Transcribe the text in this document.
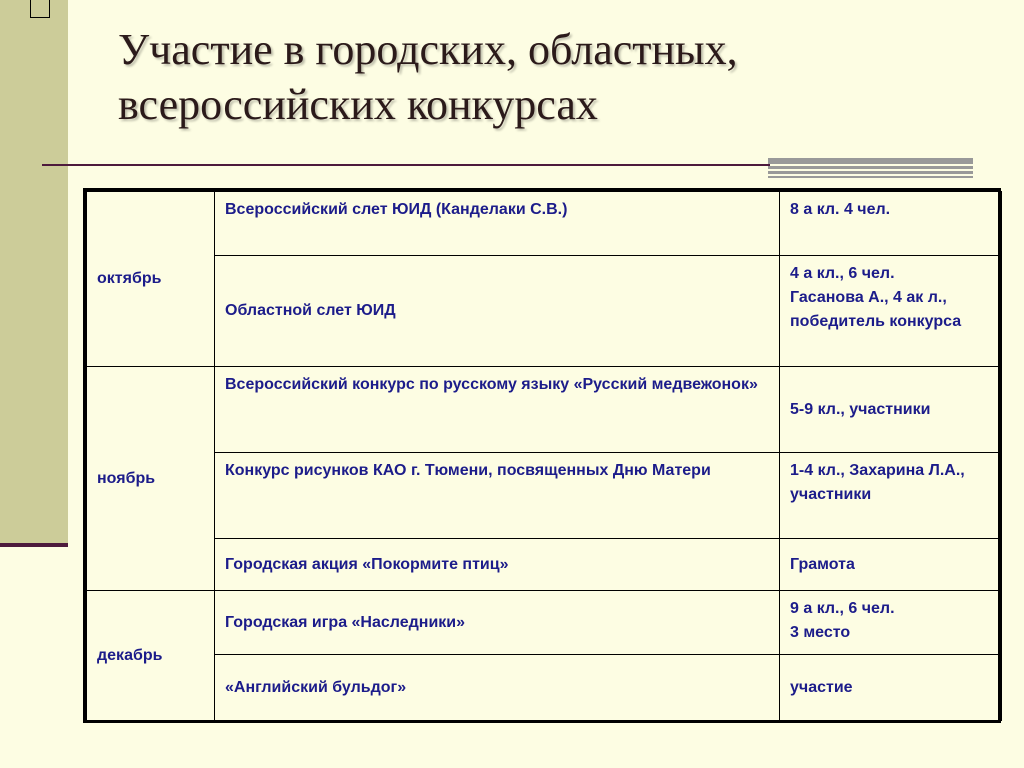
Участие в городских, областных,
всероссийских конкурсах
октябрь	Всероссийский слет ЮИД (Канделаки С.В.)	8 а кл. 4 чел.

	Областной слет ЮИД	4 а кл., 6 чел.
Гасанова А., 4 ак л., победитель конкурса

ноябрь	Всероссийский конкурс по русскому языку «Русский медвежонок»	5-9 кл., участники

	Конкурс рисунков КАО г. Тюмени, посвященных Дню Матери	1-4 кл., Захарина Л.А., участники

	Городская акция «Покормите птиц»	Грамота

декабрь	Городская игра «Наследники»	9 а кл., 6 чел.
3 место

	«Английский бульдог»	участие
